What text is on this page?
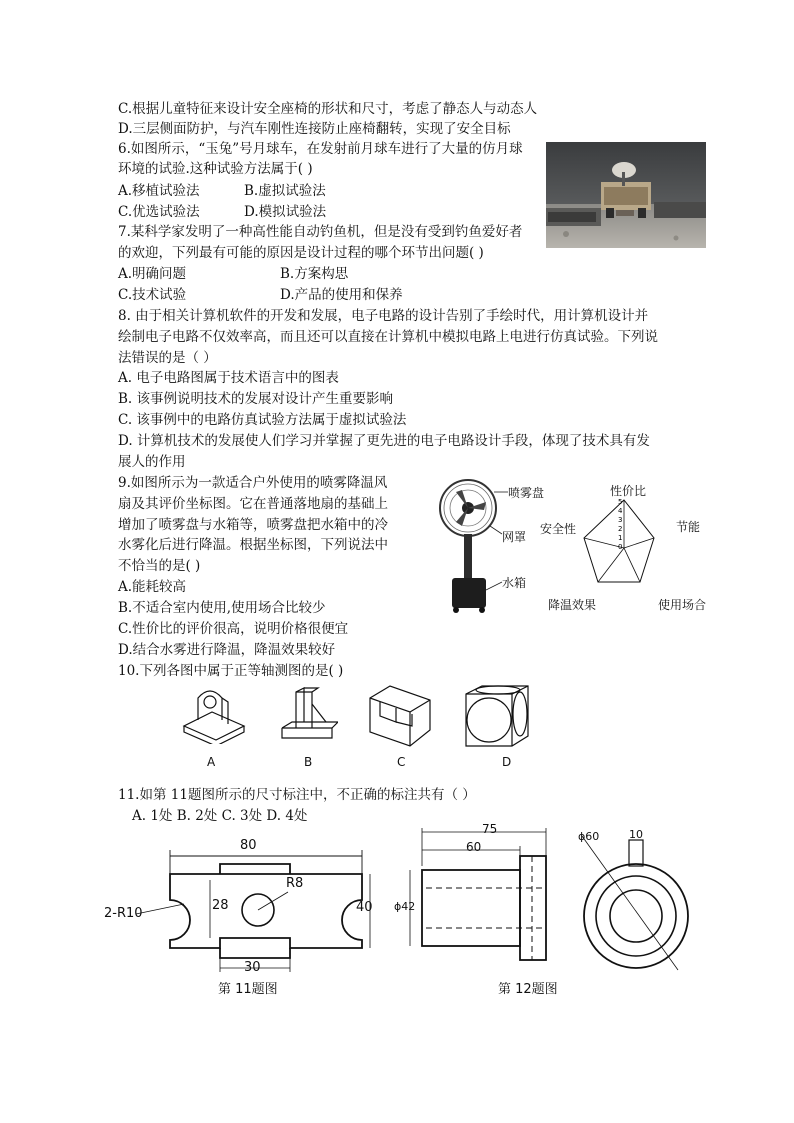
C.根据儿童特征来设计安全座椅的形状和尺寸，考虑了静态人与动态人
D.三层侧面防护，与汽车刚性连接防止座椅翻转，实现了安全目标
6.如图所示，“玉兔”号月球车，在发射前月球车进行了大量的仿月球
环境的试验.这种试验方法属于( )
A.移植试验法	B.虚拟试验法
C.优选试验法	D.模拟试验法
7.某科学家发明了一种高性能自动钓鱼机，但是没有受到钓鱼爱好者
的欢迎，下列最有可能的原因是设计过程的哪个环节出问题( )
A.明确问题	B.方案构思
C.技术试验	D.产品的使用和保养
8. 由于相关计算机软件的开发和发展，电子电路的设计告别了手绘时代，用计算机设计并
绘制电子电路不仅效率高，而且还可以直接在计算机中模拟电路上电进行仿真试验。下列说
法错误的是（ ）
A. 电子电路图属于技术语言中的图表
B. 该事例说明技术的发展对设计产生重要影响
C. 该事例中的电路仿真试验方法属于虚拟试验法
D. 计算机技术的发展使人们学习并掌握了更先进的电子电路设计手段，体现了技术具有发
展人的作用
9.如图所示为一款适合户外使用的喷雾降温风
扇及其评价坐标图。它在普通落地扇的基础上
增加了喷雾盘与水箱等，喷雾盘把水箱中的冷
水雾化后进行降温。根据坐标图，下列说法中
不恰当的是( )
A.能耗较高
B.不适合室内使用,使用场合比较少
C.性价比的评价很高，说明价格很便宜
D.结合水雾进行降温，降温效果较好
10.下列各图中属于正等轴测图的是( )
11.如第 11题图所示的尺寸标注中，不正确的标注共有（ ）
A. 1处 B. 2处 C. 3处 D. 4处
喷雾盘
网罩
水箱
5
4
3
2
1
0
性价比
节能
使用场合
降温效果
安全性
A	B	C	D
80
R8
28	40
2-R10
30
第 11题图
75
60
ϕ42
ϕ60	10
第 12题图
